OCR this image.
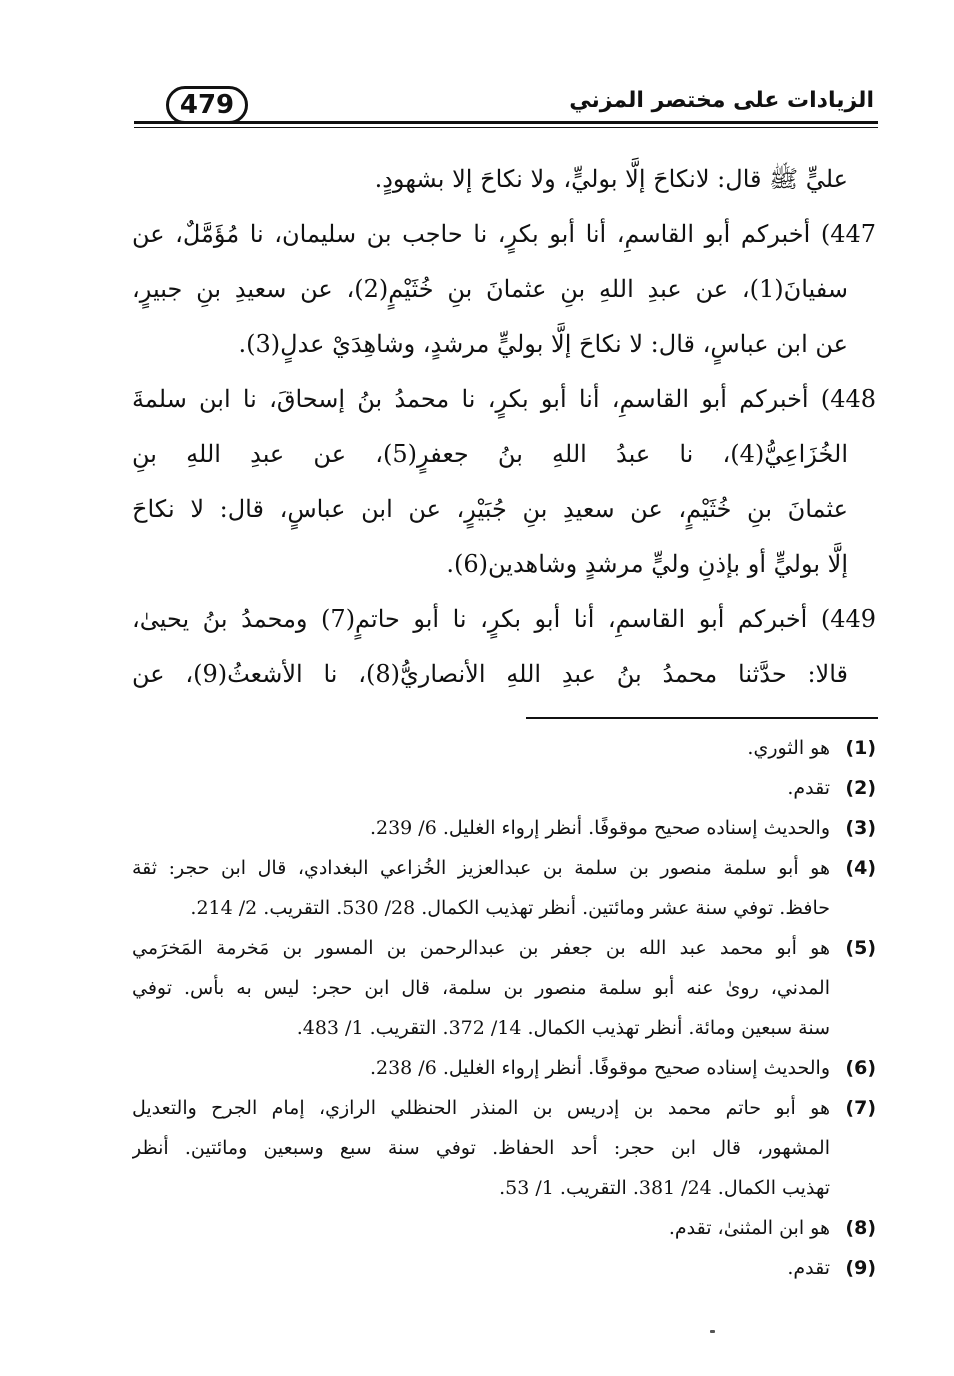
479	الزيادات على مختصر المزني
عليٍّ ﷺ قال: لانكاحَ إلَّا بوليٍّ، ولا نكاحَ إلا بشهودٍ.
447) أخبركم أبو القاسمِ، أنا أبو بكرٍ، نا حاجب بن سليمان، نا مُؤَمَّلٌ، عن
سفيانَ(1)، عن عبدِ اللهِ بنِ عثمانَ بنِ خُثَيْمٍ(2)، عن سعيدِ بنِ جبيرٍ،
عن ابن عباسٍ، قال: لا نكاحَ إلَّا بوليٍّ مرشدٍ، وشاهِدَيْ عدلٍ(3).
448) أخبركم أبو القاسمِ، أنا أبو بكرٍ، نا محمدُ بنُ إسحاقَ، نا ابن سلمةَ
الخُزَاعِيُّ(4)، نا عبدُ اللهِ بنُ جعفرٍ(5)، عن عبدِ اللهِ بنِ
عثمانَ بنِ خُثَيْمٍ، عن سعيدِ بنِ جُبَيْرٍ، عن ابن عباسٍ، قال: لا نكاحَ
إلَّا بوليٍّ أو بإذنِ وليٍّ مرشدٍ وشاهدين(6).
449) أخبركم أبو القاسمِ، أنا أبو بكرٍ، نا أبو حاتمٍ(7) ومحمدُ بنُ يحيىٰ،
قالا: حدَّثنا محمدُ بنُ عبدِ اللهِ الأنصاريُّ(8)، نا الأشعثُ(9)، عن
(1)
هو الثوري.
(2)
تقدم.
(3)
والحديث إسناده صحيح موقوفًا. أنظر إرواء الغليل. 6/ 239.
(4)
هو أبو سلمة منصور بن سلمة بن عبدالعزيز الخُزاعي البغدادي، قال ابن حجر: ثقة
حافظ. توفي سنة عشر ومائتين. أنظر تهذيب الكمال. 28/ 530. التقريب. 2/ 214.
(5)
هو أبو محمد عبد الله بن جعفر بن عبدالرحمن بن المسور بن مَخرمة المَخرَمي
المدني، روىٰ عنه أبو سلمة منصور بن سلمة، قال ابن حجر: ليس به بأس. توفي
سنة سبعين ومائة. أنظر تهذيب الكمال. 14/ 372. التقريب. 1/ 483.
(6)
والحديث إسناده صحيح موقوفًا. أنظر إرواء الغليل. 6/ 238.
(7)
هو أبو حاتم محمد بن إدريس بن المنذر الحنظلي الرازي، إمام الجرح والتعديل
المشهور، قال ابن حجر: أحد الحفاظ. توفي سنة سبع وسبعين ومائتين. أنظر
تهذيب الكمال. 24/ 381. التقريب. 1/ 53.
(8)
هو ابن المثنىٰ، تقدم.
(9)
تقدم.
